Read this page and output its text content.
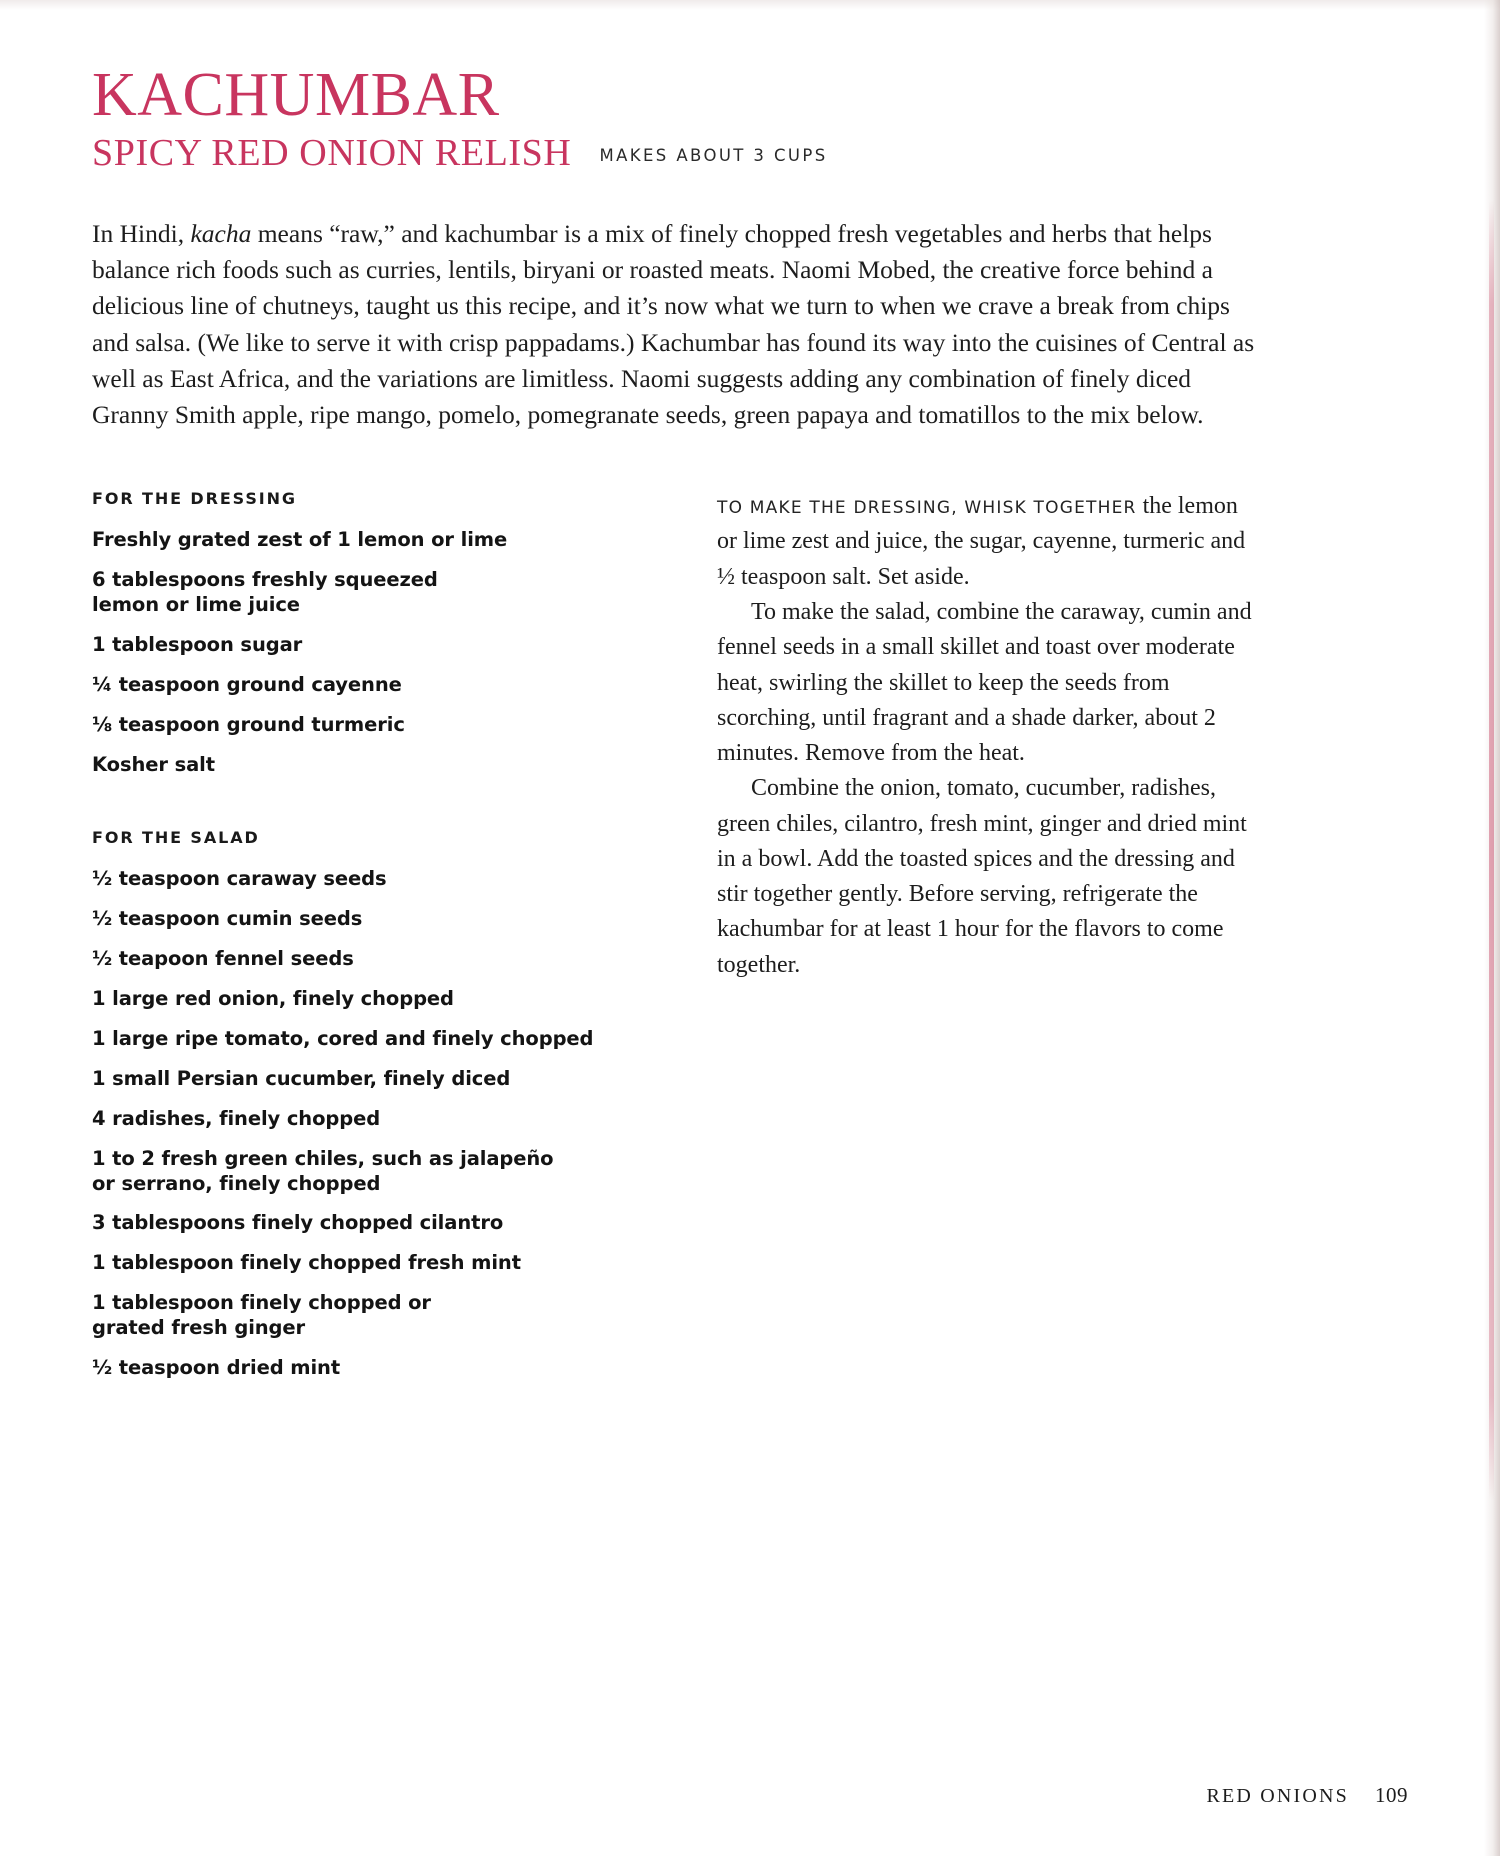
KACHUMBAR
SPICY RED ONION RELISH MAKES ABOUT 3 CUPS

In Hindi, kacha means “raw,” and kachumbar is a mix of finely chopped fresh vegetables and herbs that helps balance rich foods such as curries, lentils, biryani or roasted meats. Naomi Mobed, the creative force behind a delicious line of chutneys, taught us this recipe, and it’s now what we turn to when we crave a break from chips and salsa. (We like to serve it with crisp pappadams.) Kachumbar has found its way into the cuisines of Central as well as East Africa, and the variations are limitless. Naomi suggests adding any combination of finely diced Granny Smith apple, ripe mango, pomelo, pomegranate seeds, green papaya and tomatillos to the mix below.

FOR THE DRESSING
Freshly grated zest of 1 lemon or lime
6 tablespoons freshly squeezed
lemon or lime juice
1 tablespoon sugar
¼ teaspoon ground cayenne
⅛ teaspoon ground turmeric
Kosher salt
FOR THE SALAD
½ teaspoon caraway seeds
½ teaspoon cumin seeds
½ teapoon fennel seeds
1 large red onion, finely chopped
1 large ripe tomato, cored and finely chopped
1 small Persian cucumber, finely diced
4 radishes, finely chopped
1 to 2 fresh green chiles, such as jalapeño
or serrano, finely chopped
3 tablespoons finely chopped cilantro
1 tablespoon finely chopped fresh mint
1 tablespoon finely chopped or
grated fresh ginger
½ teaspoon dried mint

TO MAKE THE DRESSING, WHISK TOGETHER the lemon or lime zest and juice, the sugar, cayenne, turmeric and ½ teaspoon salt. Set aside.

To make the salad, combine the caraway, cumin and fennel seeds in a small skillet and toast over moderate heat, swirling the skillet to keep the seeds from scorching, until fragrant and a shade darker, about 2 minutes. Remove from the heat.

Combine the onion, tomato, cucumber, radishes, green chiles, cilantro, fresh mint, ginger and dried mint in a bowl. Add the toasted spices and the dressing and stir together gently. Before serving, refrigerate the kachumbar for at least 1 hour for the flavors to come together.

RED ONIONS 109
